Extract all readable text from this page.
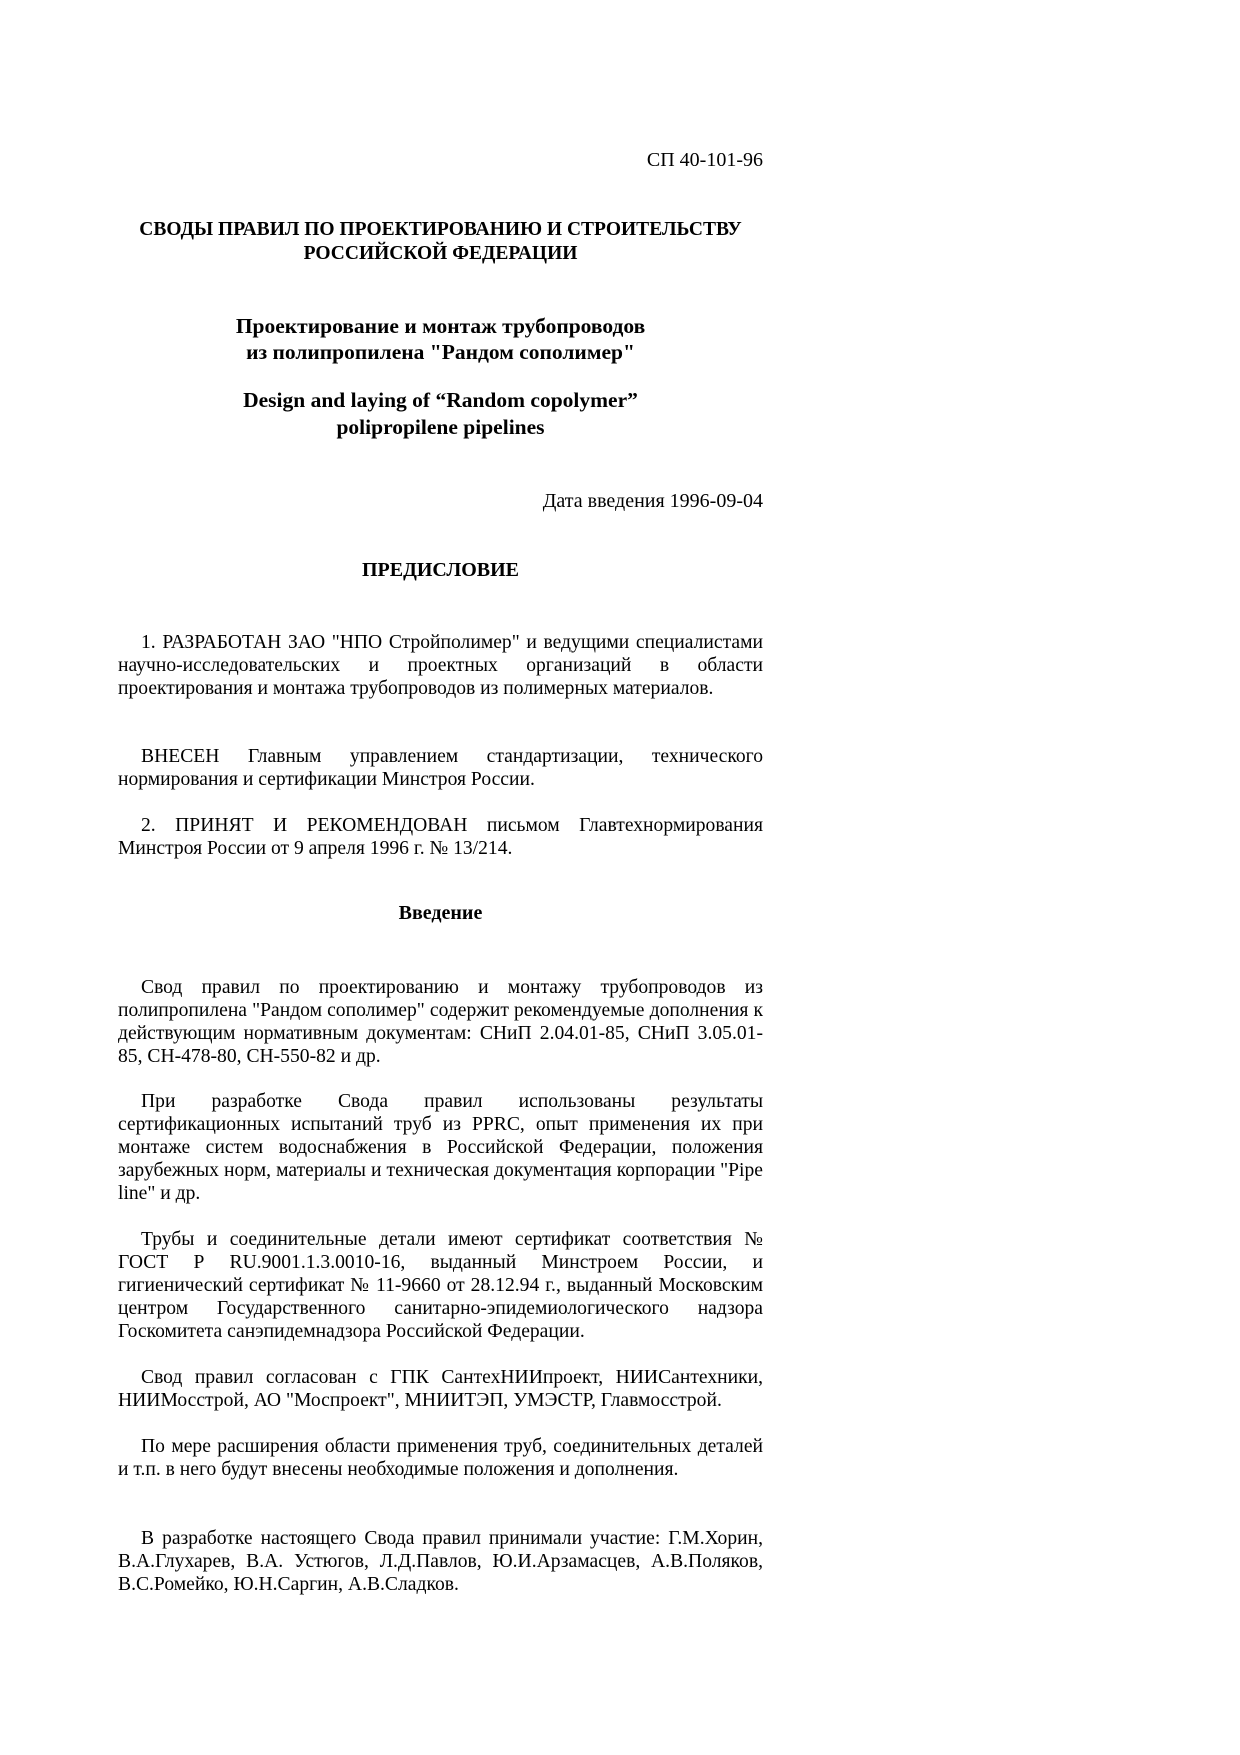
СП 40-101-96
СВОДЫ ПРАВИЛ ПО ПРОЕКТИРОВАНИЮ И СТРОИТЕЛЬСТВУ
РОССИЙСКОЙ ФЕДЕРАЦИИ
Проектирование и монтаж трубопроводов
из полипропилена "Рандом сополимер"
Design and laying of “Random copolymer”
polipropilene pipelines
Дата введения 1996-09-04
ПРЕДИСЛОВИЕ

1. РАЗРАБОТАН ЗАО "НПО Стройполимер" и ведущими специалистами научно-исследовательских и проектных организаций в области проектирования и монтажа трубопроводов из полимерных материалов.

ВНЕСЕН Главным управлением стандартизации, технического нормирования и сертификации Минстроя России.

2. ПРИНЯТ И РЕКОМЕНДОВАН письмом Главтехнормирования Минстроя России от 9 апреля 1996 г. № 13/214.

Введение

Свод правил по проектированию и монтажу трубопроводов из полипропилена "Рандом сополимер" содержит рекомендуемые дополнения к действующим нормативным документам: СНиП 2.04.01-85, СНиП 3.05.01-85, СН-478-80, СН-550-82 и др.

При разработке Свода правил использованы результаты сертификационных испытаний труб из PPRC, опыт применения их при монтаже систем водоснабжения в Российской Федерации, положения зарубежных норм, материалы и техническая документация корпорации "Pipe line" и др.

Трубы и соединительные детали имеют сертификат соответствия № ГОСТ Р RU.9001.1.3.0010-16, выданный Минстроем России, и гигиенический сертификат № 11-9660 от 28.12.94 г., выданный Московским центром Государственного санитарно-эпидемиологического надзора Госкомитета санэпидемнадзора Российской Федерации.

Свод правил согласован с ГПК СантехНИИпроект, НИИСантехники, НИИМосстрой, АО "Моспроект", МНИИТЭП, УМЭСТР, Главмосстрой.

По мере расширения области применения труб, соединительных деталей и т.п. в него будут внесены необходимые положения и дополнения.

В разработке настоящего Свода правил принимали участие: Г.М.Хорин, В.А.Глухарев, В.А. Устюгов, Л.Д.Павлов, Ю.И.Арзамасцев, А.В.Поляков, В.С.Ромейко, Ю.Н.Саргин, А.В.Сладков.
